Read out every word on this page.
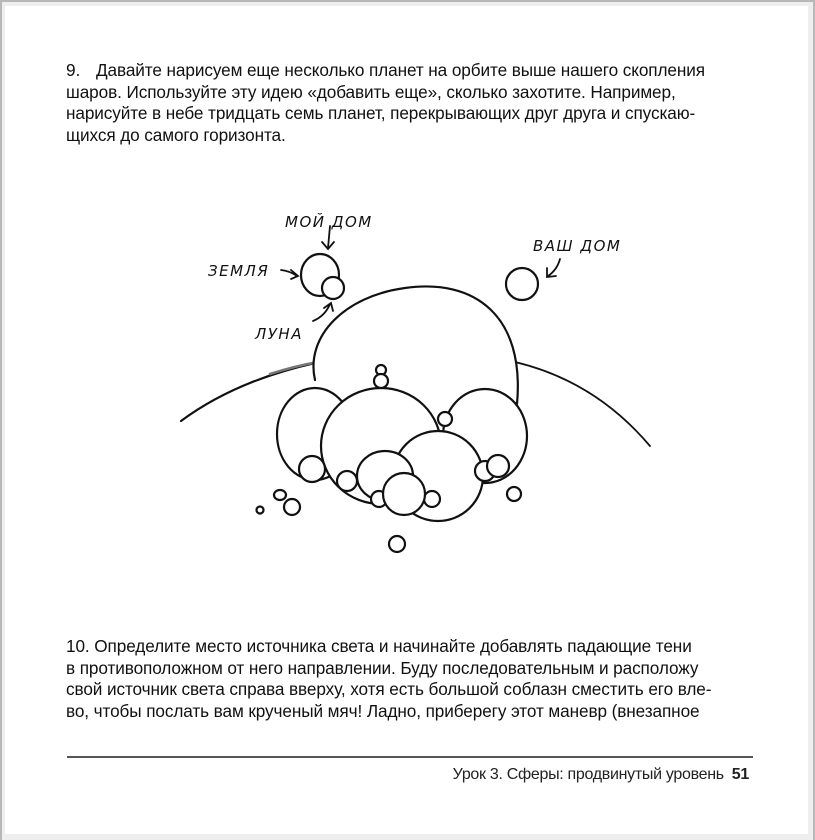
9. Давайте нарисуем еще несколько планет на орбите выше нашего скопления
шаров. Используйте эту идею «добавить еще», сколько захотите. Например,
нарисуйте в небе тридцать семь планет, перекрывающих друг друга и спускаю-
щихся до самого горизонта.
МОЙ ДОМ
ЗЕМЛЯ
ЛУНА
ВАШ ДОМ
10. Определите место источника света и начинайте добавлять падающие тени
в противоположном от него направлении. Буду последовательным и расположу
свой источник света справа вверху, хотя есть большой соблазн сместить его вле-
во, чтобы послать вам крученый мяч! Ладно, приберегу этот маневр (внезапное
Урок 3. Сферы: продвинутый уровень 51
